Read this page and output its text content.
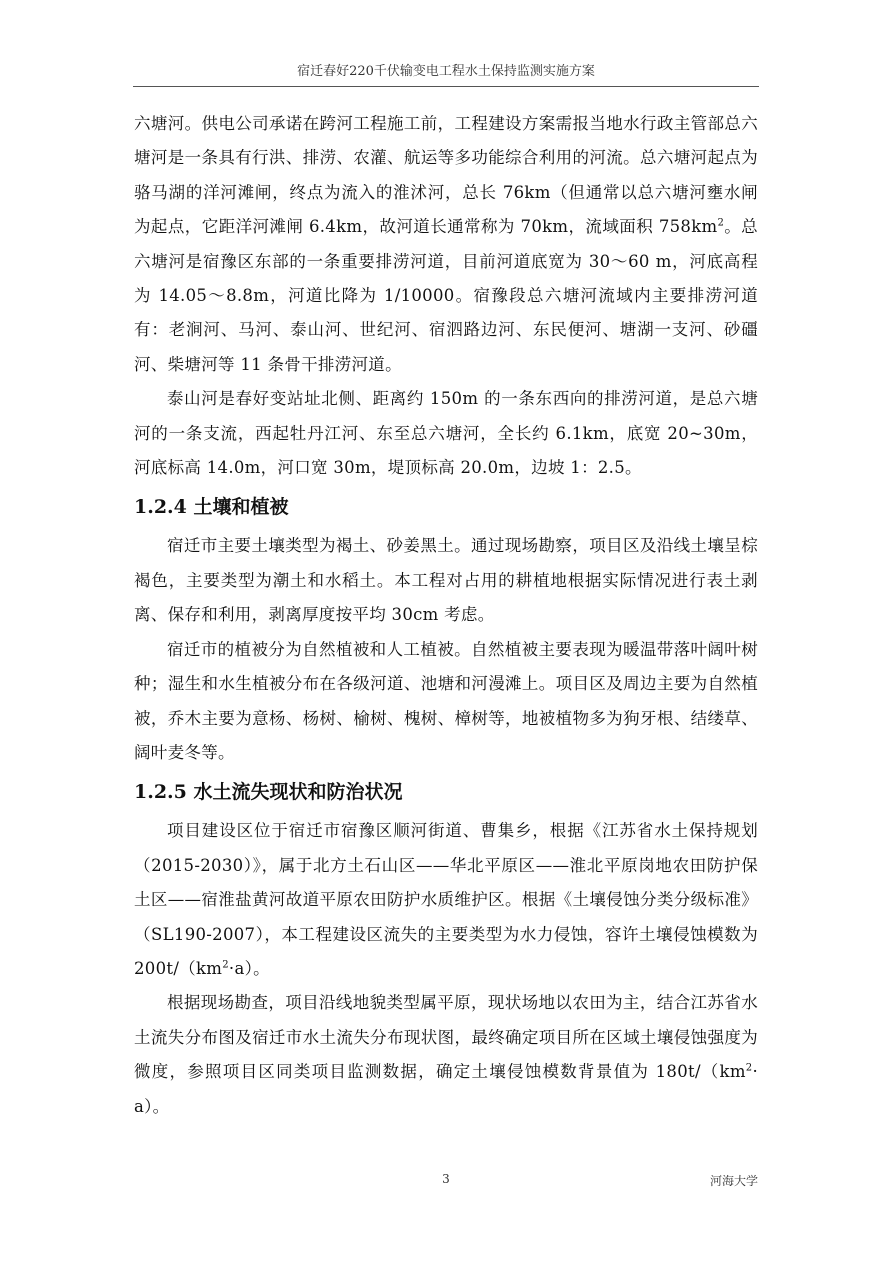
宿迁春好220千伏输变电工程水土保持监测实施方案

六塘河。供电公司承诺在跨河工程施工前，工程建设方案需报当地水行政主管部总六塘河是一条具有行洪、排涝、农灌、航运等多功能综合利用的河流。总六塘河起点为骆马湖的洋河滩闸，终点为流入的淮沭河，总长 76km（但通常以总六塘河壅水闸为起点，它距洋河滩闸 6.4km，故河道长通常称为 70km，流域面积 $758km^2$。总六塘河是宿豫区东部的一条重要排涝河道，目前河道底宽为 30～60 m，河底高程为 14.05～8.8m，河道比降为 1/10000。宿豫段总六塘河流域内主要排涝河道有：老涧河、马河、泰山河、世纪河、宿泗路边河、东民便河、塘湖一支河、砂礓河、柴塘河等 11 条骨干排涝河道。

泰山河是春好变站址北侧、距离约 150m 的一条东西向的排涝河道，是总六塘河的一条支流，西起牡丹江河、东至总六塘河，全长约 6.1km，底宽 20~30m，河底标高 14.0m，河口宽 30m，堤顶标高 20.0m，边坡 1：2.5。

1.2.4 土壤和植被

宿迁市主要土壤类型为褐土、砂姜黑土。通过现场勘察，项目区及沿线土壤呈棕褐色，主要类型为潮土和水稻土。本工程对占用的耕植地根据实际情况进行表土剥离、保存和利用，剥离厚度按平均 30cm 考虑。

宿迁市的植被分为自然植被和人工植被。自然植被主要表现为暖温带落叶阔叶树种；湿生和水生植被分布在各级河道、池塘和河漫滩上。项目区及周边主要为自然植被，乔木主要为意杨、杨树、榆树、槐树、樟树等，地被植物多为狗牙根、结缕草、阔叶麦冬等。

1.2.5 水土流失现状和防治状况

项目建设区位于宿迁市宿豫区顺河街道、曹集乡，根据《江苏省水土保持规划（2015-2030）》，属于北方土石山区——华北平原区——淮北平原岗地农田防护保土区——宿淮盐黄河故道平原农田防护水质维护区。根据《土壤侵蚀分类分级标准》（SL190-2007），本工程建设区流失的主要类型为水力侵蚀，容许土壤侵蚀模数为 $200t/(km^2\cdot a)$。

根据现场勘查，项目沿线地貌类型属平原，现状场地以农田为主，结合江苏省水土流失分布图及宿迁市水土流失分布现状图，最终确定项目所在区域土壤侵蚀强度为微度，参照项目区同类项目监测数据，确定土壤侵蚀模数背景值为 $180t/(km^2\cdot a)$。

3	河海大学
